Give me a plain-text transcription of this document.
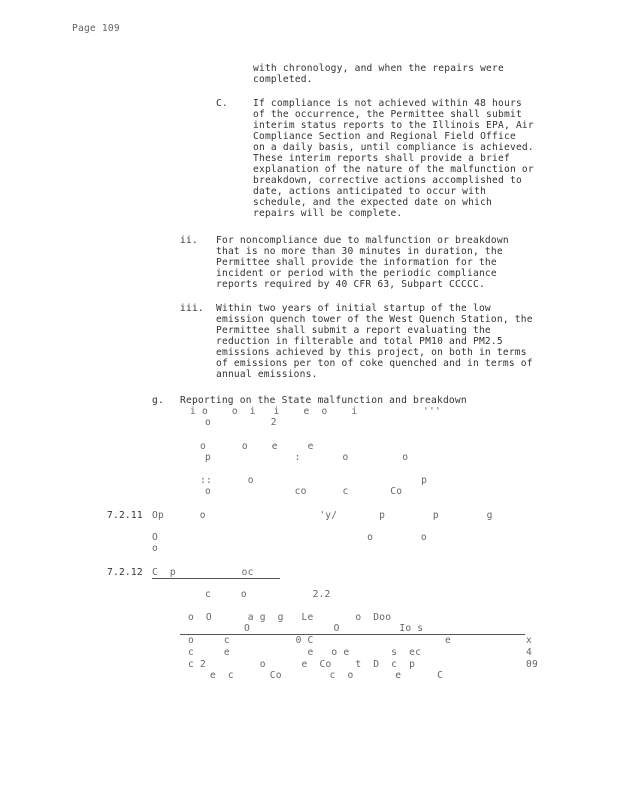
Page 109
with chronology, and when the repairs were
completed.
C.	If compliance is not achieved within 48 hours
of the occurrence, the Permittee shall submit
interim status reports to the Illinois EPA, Air
Compliance Section and Regional Field Office
on a daily basis, until compliance is achieved.
These interim reports shall provide a brief
explanation of the nature of the malfunction or
breakdown, corrective actions accomplished to
date, actions anticipated to occur with
schedule, and the expected date on which
repairs will be complete.
ii. For noncompliance due to malfunction or breakdown
that is no more than 30 minutes in duration, the
Permittee shall provide the information for the
incident or period with the periodic compliance
reports required by 40 CFR 63, Subpart CCCCC.
iii. Within two years of initial startup of the low
emission quench tower of the West Quench Station, the
Permittee shall submit a report evaluating the
reduction in filterable and total PM10 and PM2.5
emissions achieved by this project, on both in terms
of emissions per ton of coke quenched and in terms of
annual emissions.
g. Reporting on the State malfunction and breakdown
i o    o  i   i    e  o    i           '''
o          2
o      o    e     e
p              :       o         o
::      o                            p
o              co      c       Co
7.2.11 Op      o                   'y/       p        p        g
O                                   o        o
o
7.2.12 C  p           oc
c     o           2.2
o  O      a g  g   Le       o  Doo
O              O          Io s
o     c           0 C                      e	x
c     e             e   o e       s  ec	4
c 2         o      e  Co    t  D  c  p	09
e  c      Co        c  o       e      C
